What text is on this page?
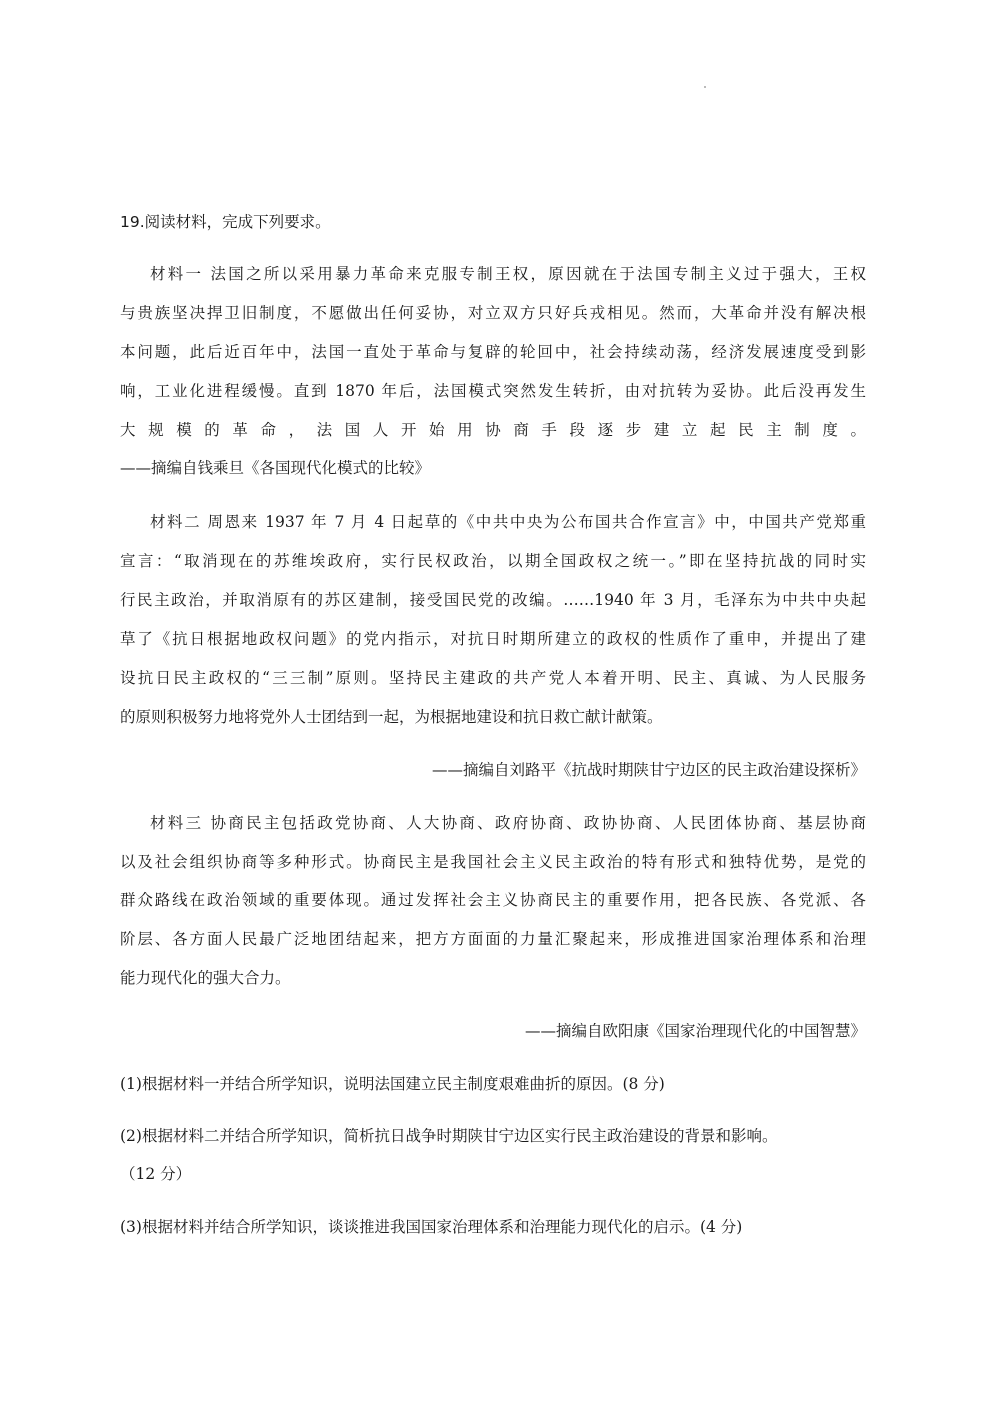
19.阅读材料，完成下列要求。
材料一 法国之所以采用暴力革命来克服专制王权，原因就在于法国专制主义过于强大，王权
与贵族坚决捍卫旧制度，不愿做出任何妥协，对立双方只好兵戎相见。然而，大革命并没有解决根
本问题，此后近百年中，法国一直处于革命与复辟的轮回中，社会持续动荡，经济发展速度受到影
响，工业化进程缓慢。直到 1870 年后，法国模式突然发生转折，由对抗转为妥协。此后没再发生
大规模的革命，法国人开始用协商手段逐步建立起民主制度。
——摘编自钱乘旦《各国现代化模式的比较》
材料二 周恩来 1937 年 7 月 4 日起草的《中共中央为公布国共合作宣言》中，中国共产党郑重
宣言：“取消现在的苏维埃政府，实行民权政治，以期全国政权之统一。”即在坚持抗战的同时实
行民主政治，并取消原有的苏区建制，接受国民党的改编。……1940 年 3 月，毛泽东为中共中央起
草了《抗日根据地政权问题》的党内指示，对抗日时期所建立的政权的性质作了重申，并提出了建
设抗日民主政权的“三三制”原则。坚持民主建政的共产党人本着开明、民主、真诚、为人民服务
的原则积极努力地将党外人士团结到一起，为根据地建设和抗日救亡献计献策。
——摘编自刘路平《抗战时期陕甘宁边区的民主政治建设探析》
材料三 协商民主包括政党协商、人大协商、政府协商、政协协商、人民团体协商、基层协商
以及社会组织协商等多种形式。协商民主是我国社会主义民主政治的特有形式和独特优势，是党的
群众路线在政治领域的重要体现。通过发挥社会主义协商民主的重要作用，把各民族、各党派、各
阶层、各方面人民最广泛地团结起来，把方方面面的力量汇聚起来，形成推进国家治理体系和治理
能力现代化的强大合力。
——摘编自欧阳康《国家治理现代化的中国智慧》
(1)根据材料一并结合所学知识，说明法国建立民主制度艰难曲折的原因。(8 分)
(2)根据材料二并结合所学知识，简析抗日战争时期陕甘宁边区实行民主政治建设的背景和影响。
（12 分）
(3)根据材料并结合所学知识，谈谈推进我国国家治理体系和治理能力现代化的启示。(4 分)
